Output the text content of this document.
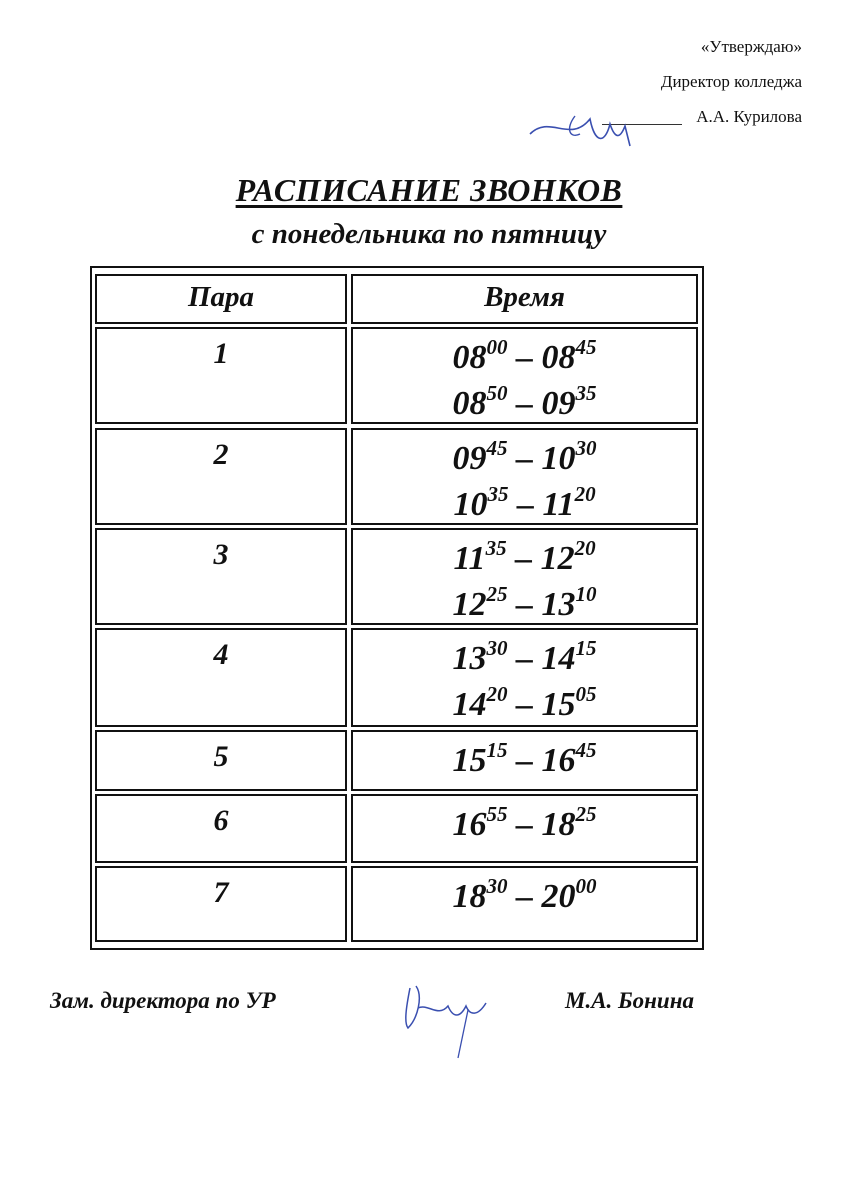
«Утверждаю»
Директор колледжа
А.А. Курилова
РАСПИСАНИЕ ЗВОНКОВ
с понедельника по пятницу
Пара	Время
1	$08^{00} - 08^{45}$
$08^{50} - 09^{35}$
2	$09^{45} - 10^{30}$
$10^{35} - 11^{20}$
3	$11^{35} - 12^{20}$
$12^{25} - 13^{10}$
4	$13^{30} - 14^{15}$
$14^{20} - 15^{05}$
5	$15^{15} - 16^{45}$
6	$16^{55} - 18^{25}$
7	$18^{30} - 20^{00}$
Зам. директора по УР	М.А. Бонина
